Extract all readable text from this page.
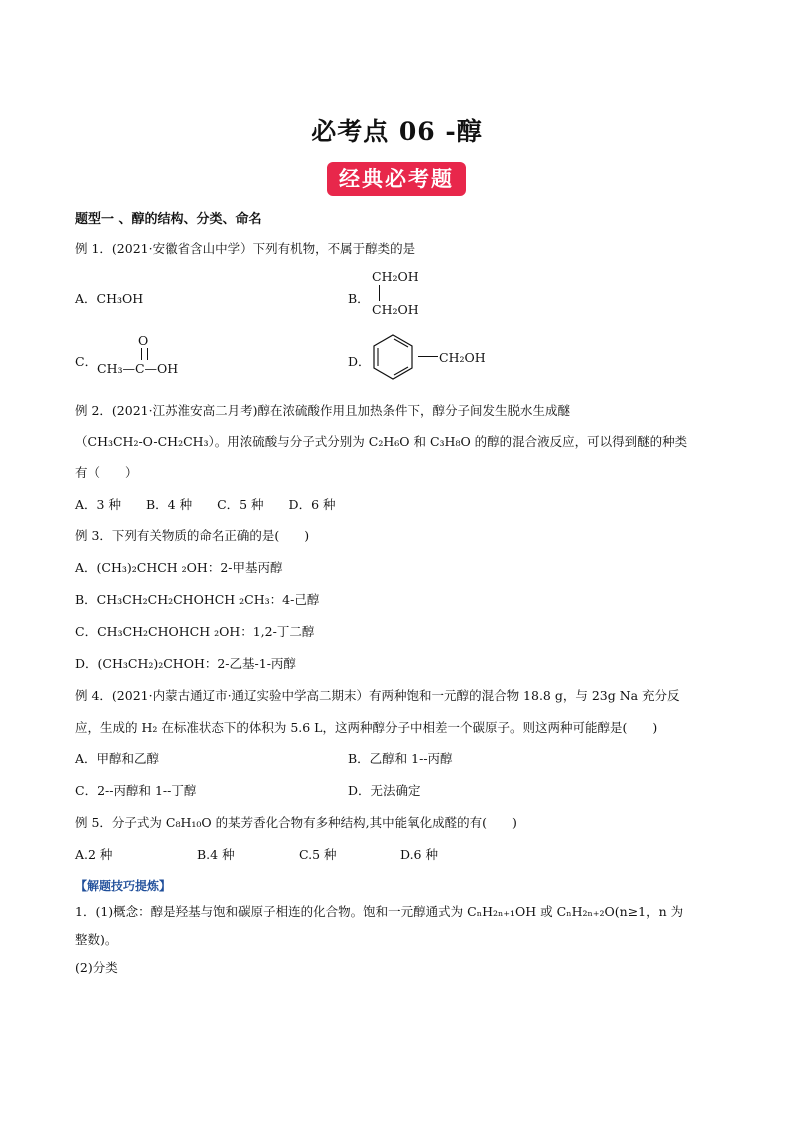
必考点 06 -醇
经典必考题
题型一 、醇的结构、分类、命名
例 1．(2021·安徽省含山中学）下列有机物，不属于醇类的是
A．CH₃OH	B．
CH₂OH
CH₂OH
C．
O
CH₃—C—OH	D．	CH₂OH
例 2．(2021·江苏淮安高二月考)醇在浓硫酸作用且加热条件下，醇分子间发生脱水生成醚
（CH₃CH₂-O-CH₂CH₃）。用浓硫酸与分子式分别为 C₂H₆O 和 C₃H₈O 的醇的混合液反应，可以得到醚的种类
有（　　）
A．3 种　　B．4 种　　C．5 种　　D．6 种
例 3．下列有关物质的命名正确的是(　　)
A．(CH₃)₂CHCH ₂OH：2-甲基丙醇
B．CH₃CH₂CH₂CHOHCH ₂CH₃：4-己醇
C．CH₃CH₂CHOHCH ₂OH：1,2-丁二醇
D．(CH₃CH₂)₂CHOH：2-乙基-1-丙醇
例 4．(2021·内蒙古通辽市·通辽实验中学高二期末）有两种饱和一元醇的混合物 18.8 g，与 23g Na 充分反
应，生成的 H₂ 在标准状态下的体积为 5.6 L，这两种醇分子中相差一个碳原子。则这两种可能醇是(　　)
A．甲醇和乙醇	B．乙醇和 1--丙醇
C．2--丙醇和 1--丁醇	D．无法确定
例 5．分子式为 C₈H₁₀O 的某芳香化合物有多种结构,其中能氧化成醛的有(　　)
A.2 种	B.4 种	C.5 种	D.6 种
【解题技巧提炼】
1．(1)概念：醇是羟基与饱和碳原子相连的化合物。饱和一元醇通式为 CₙH₂ₙ₊₁OH 或 CₙH₂ₙ₊₂O(n≥1，n 为
整数)。
(2)分类
